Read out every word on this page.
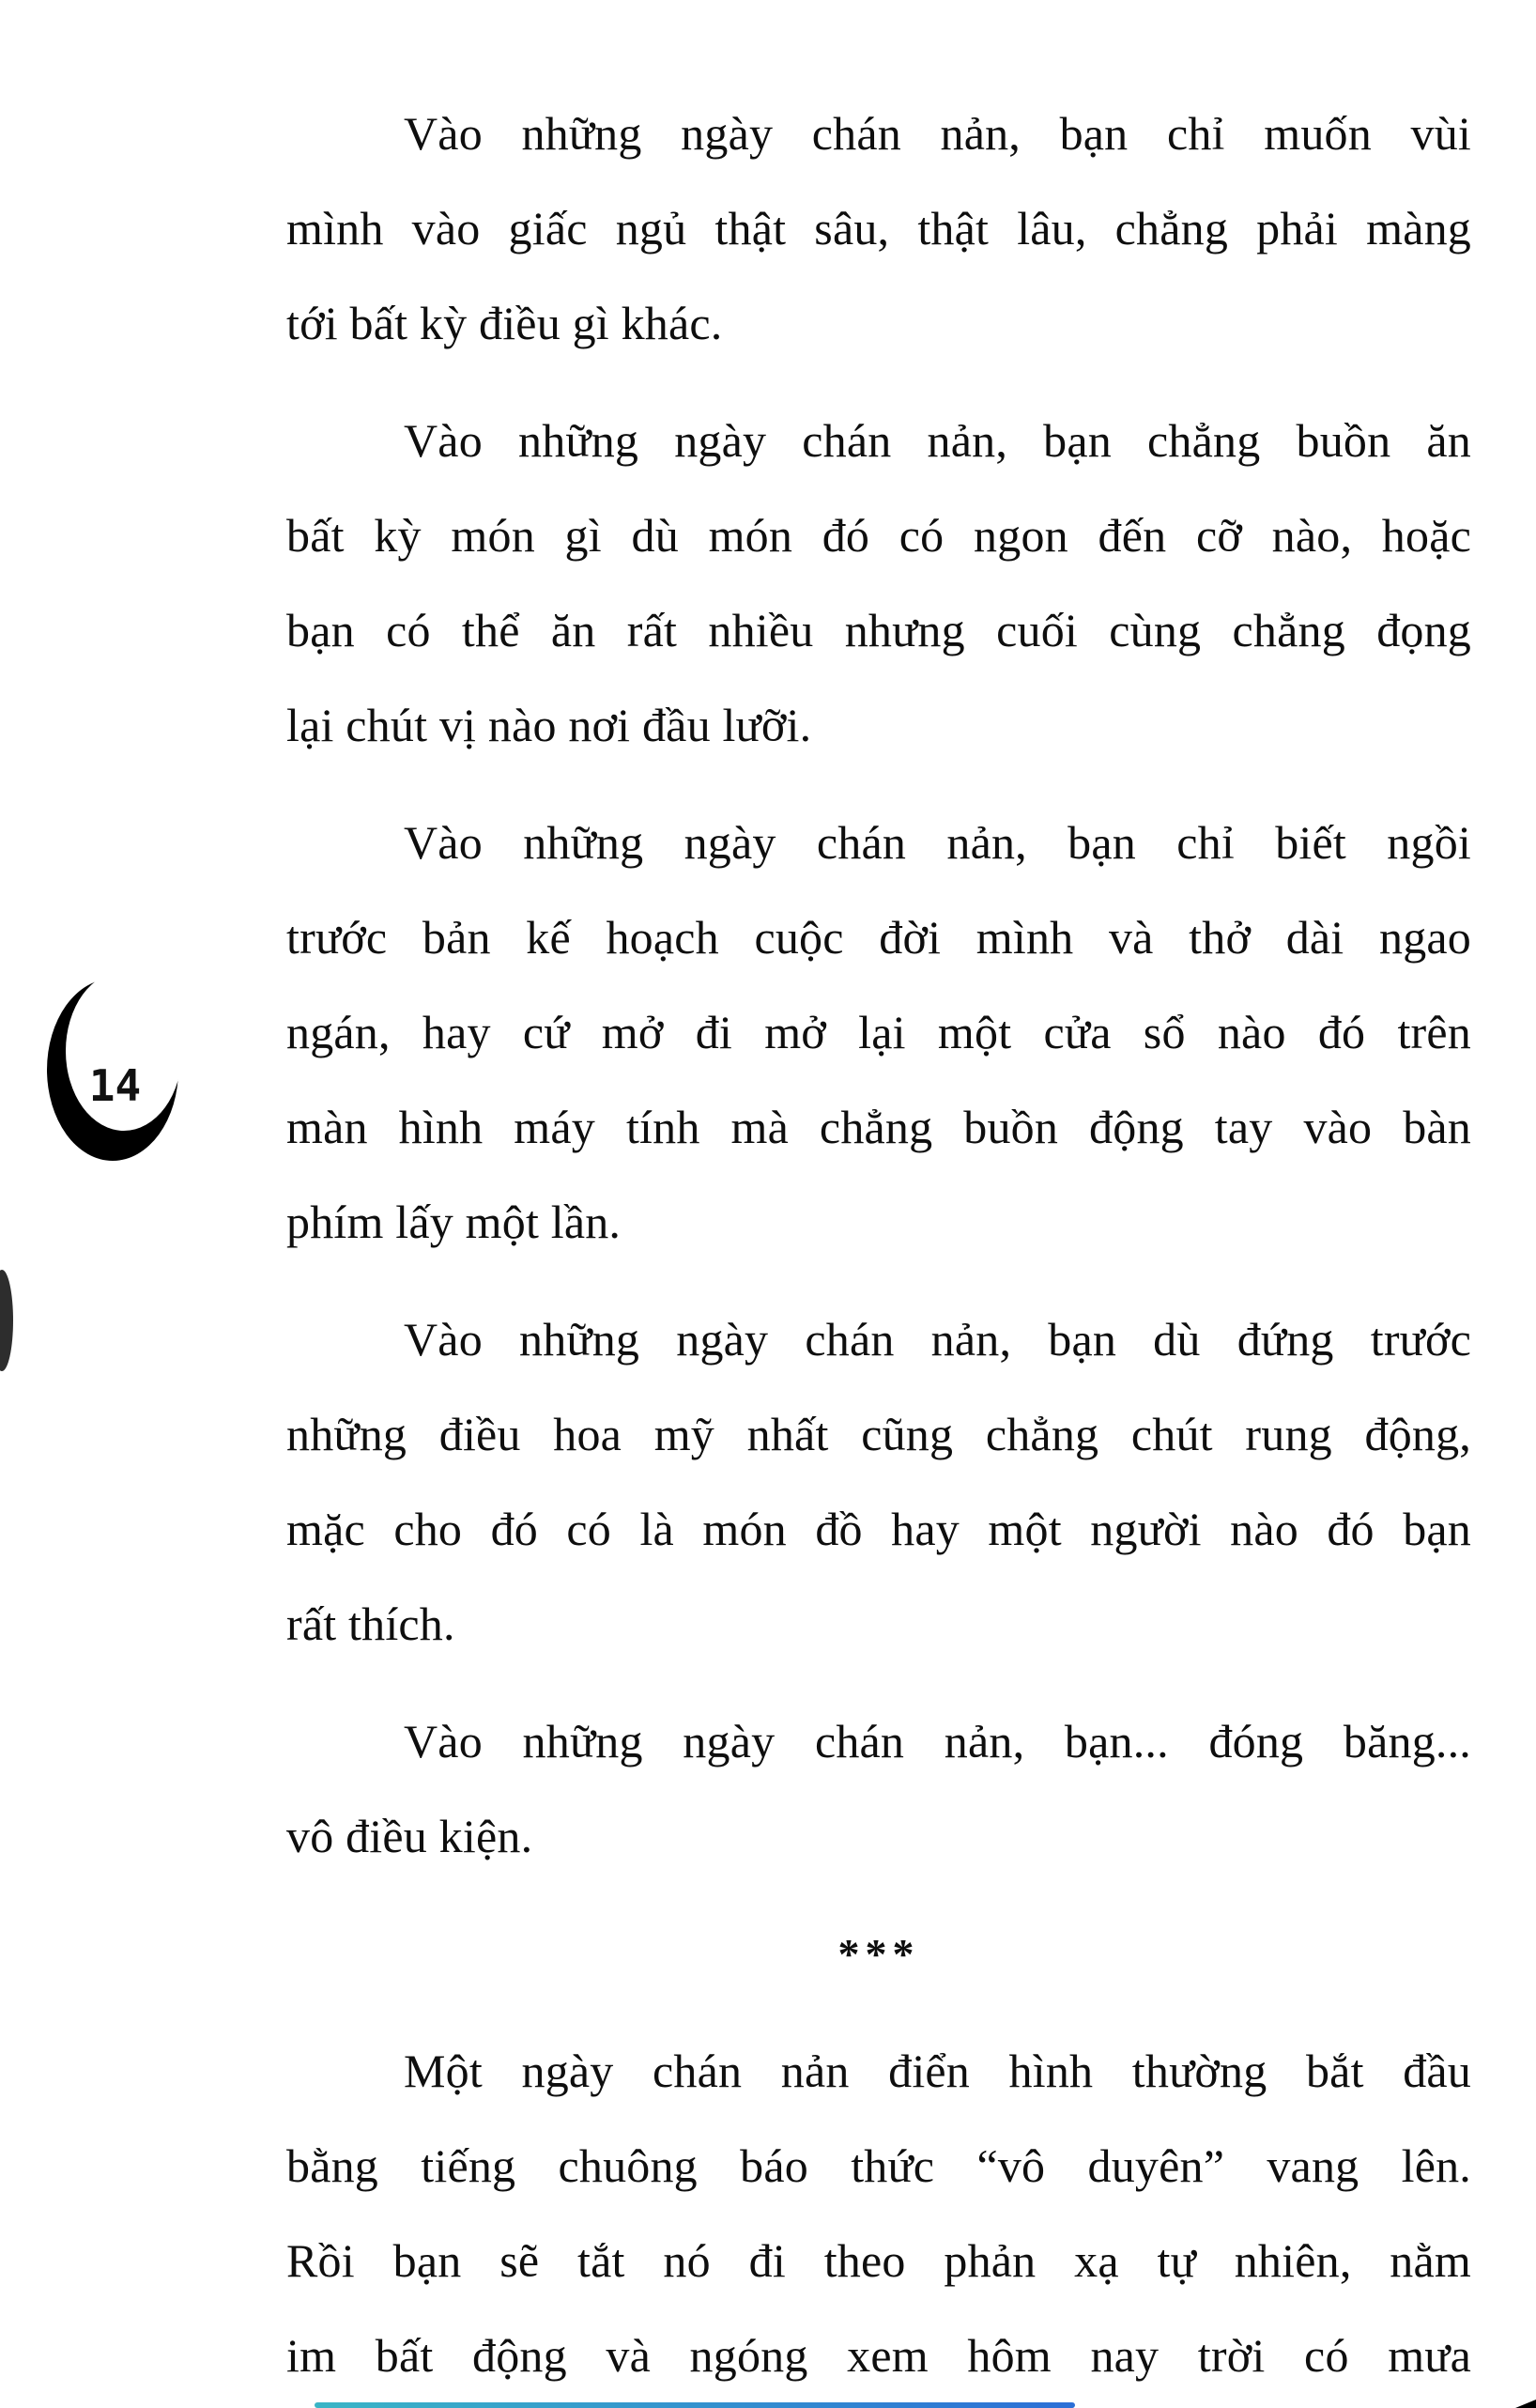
Vào những ngày chán nản, bạn chỉ muốn vùi
mình vào giấc ngủ thật sâu, thật lâu, chẳng phải màng
tới bất kỳ điều gì khác.
Vào những ngày chán nản, bạn chẳng buồn ăn
bất kỳ món gì dù món đó có ngon đến cỡ nào, hoặc
bạn có thể ăn rất nhiều nhưng cuối cùng chẳng đọng
lại chút vị nào nơi đầu lưỡi.
Vào những ngày chán nản, bạn chỉ biết ngồi
trước bản kế hoạch cuộc đời mình và thở dài ngao
ngán, hay cứ mở đi mở lại một cửa sổ nào đó trên
màn hình máy tính mà chẳng buồn động tay vào bàn
phím lấy một lần.
Vào những ngày chán nản, bạn dù đứng trước
những điều hoa mỹ nhất cũng chẳng chút rung động,
mặc cho đó có là món đồ hay một người nào đó bạn
rất thích.
Vào những ngày chán nản, bạn... đóng băng...
vô điều kiện.
***
Một ngày chán nản điển hình thường bắt đầu
bằng tiếng chuông báo thức “vô duyên” vang lên.
Rồi bạn sẽ tắt nó đi theo phản xạ tự nhiên, nằm
im bất động và ngóng xem hôm nay trời có mưa
14
